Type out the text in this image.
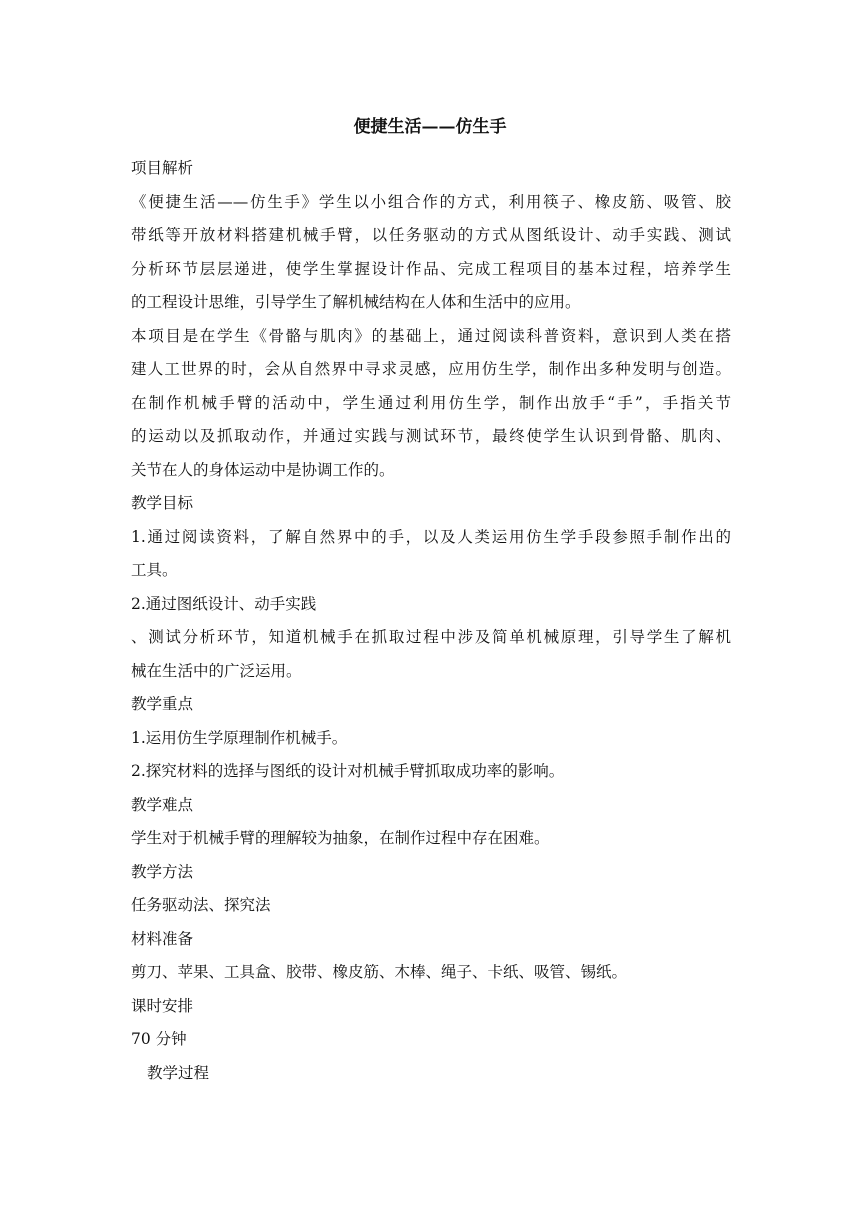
便捷生活——仿生手

项目解析

《便捷生活——仿生手》学生以小组合作的方式，利用筷子、橡皮筋、吸管、胶

带纸等开放材料搭建机械手臂，以任务驱动的方式从图纸设计、动手实践、测试

分析环节层层递进，使学生掌握设计作品、完成工程项目的基本过程，培养学生

的工程设计思维，引导学生了解机械结构在人体和生活中的应用。

本项目是在学生《骨骼与肌肉》的基础上，通过阅读科普资料，意识到人类在搭

建人工世界的时，会从自然界中寻求灵感，应用仿生学，制作出多种发明与创造。

在制作机械手臂的活动中，学生通过利用仿生学，制作出放手“手”，手指关节

的运动以及抓取动作，并通过实践与测试环节，最终使学生认识到骨骼、肌肉、

关节在人的身体运动中是协调工作的。

教学目标

1.通过阅读资料，了解自然界中的手，以及人类运用仿生学手段参照手制作出的

工具。

2.通过图纸设计、动手实践

、测试分析环节，知道机械手在抓取过程中涉及简单机械原理，引导学生了解机

械在生活中的广泛运用。

教学重点

1.运用仿生学原理制作机械手。

2.探究材料的选择与图纸的设计对机械手臂抓取成功率的影响。

教学难点

学生对于机械手臂的理解较为抽象，在制作过程中存在困难。

教学方法

任务驱动法、探究法

材料准备

剪刀、苹果、工具盒、胶带、橡皮筋、木棒、绳子、卡纸、吸管、锡纸。

课时安排

70 分钟

教学过程
